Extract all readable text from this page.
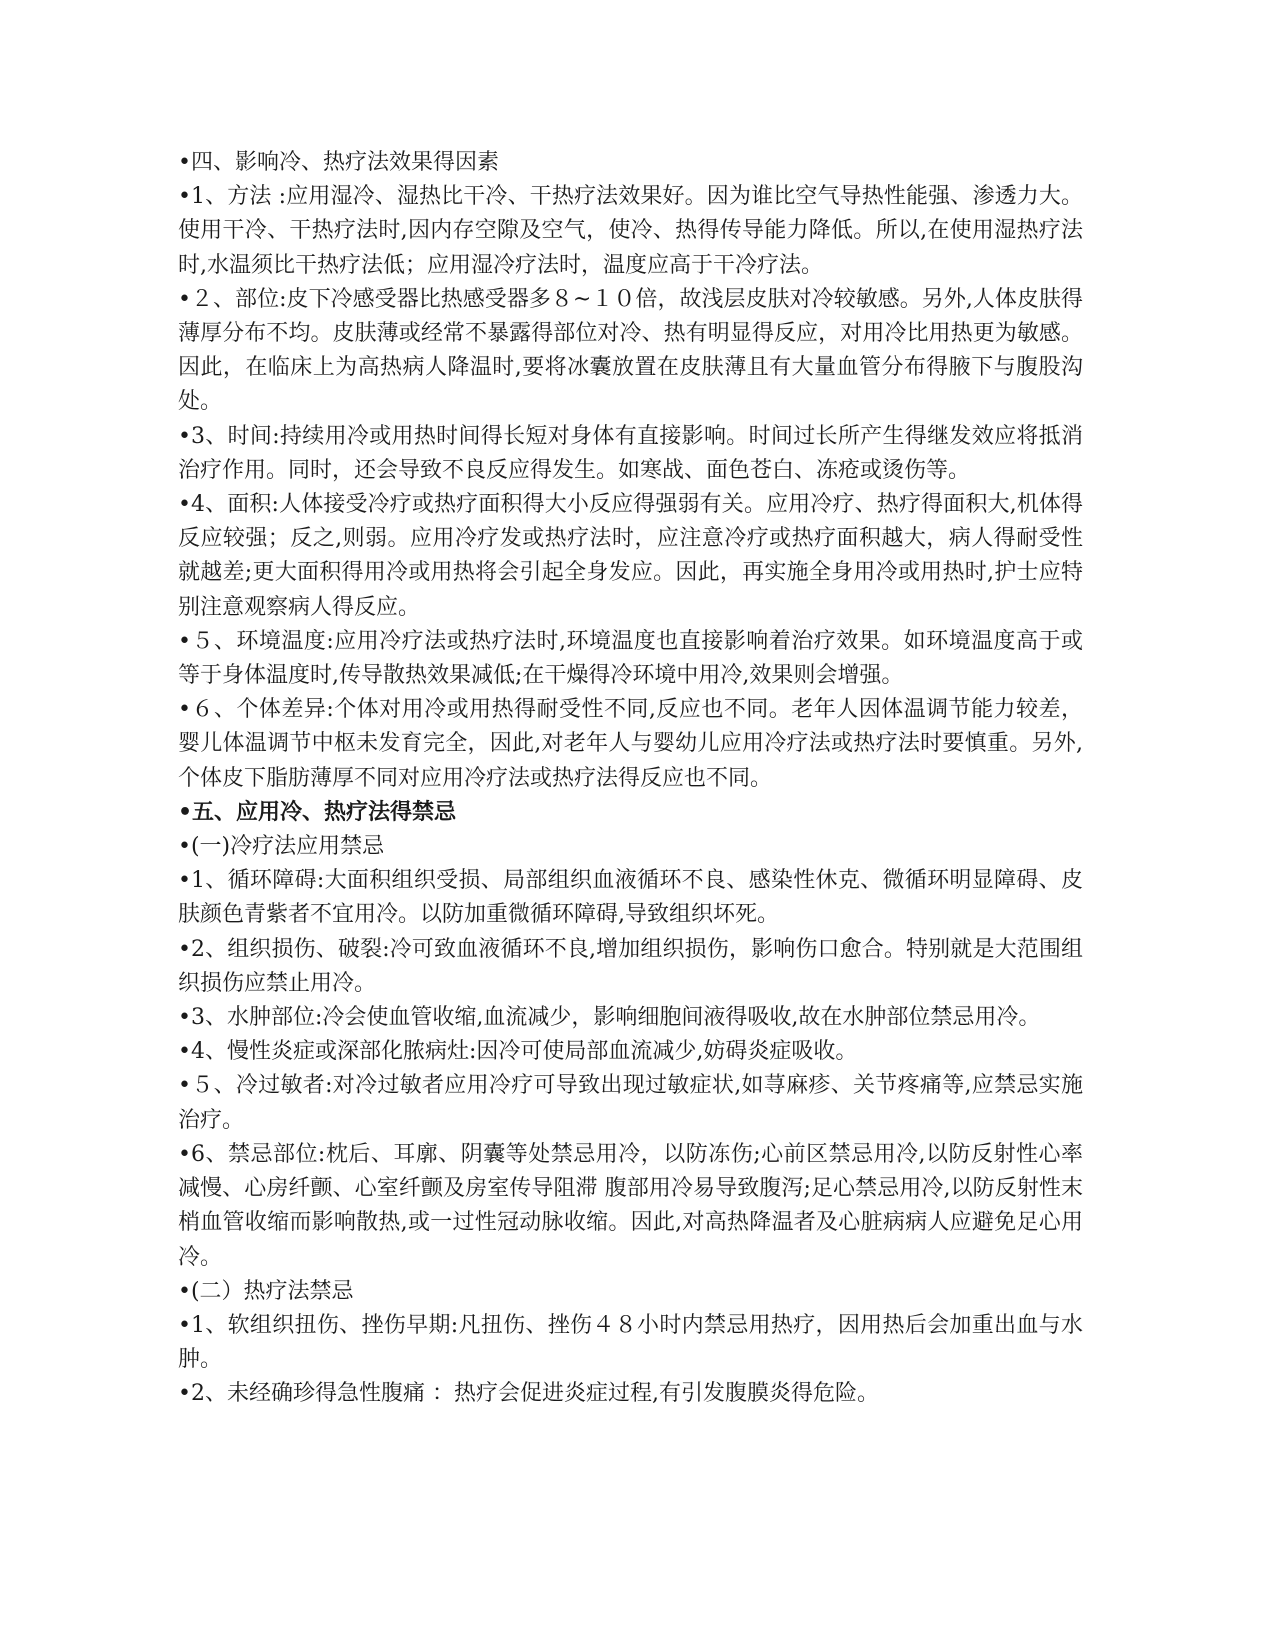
•四、影响冷、热疗法效果得因素

•1、方法 :应用湿冷、湿热比干冷、干热疗法效果好。因为谁比空气导热性能强、渗透力大。使用干冷、干热疗法时,因内存空隙及空气，使冷、热得传导能力降低。所以,在使用湿热疗法时,水温须比干热疗法低；应用湿冷疗法时，温度应高于干冷疗法。

•２、部位:皮下冷感受器比热感受器多８~１０倍，故浅层皮肤对冷较敏感。另外,人体皮肤得薄厚分布不均。皮肤薄或经常不暴露得部位对冷、热有明显得反应，对用冷比用热更为敏感。因此，在临床上为高热病人降温时,要将冰囊放置在皮肤薄且有大量血管分布得腋下与腹股沟处。

•3、时间:持续用冷或用热时间得长短对身体有直接影响。时间过长所产生得继发效应将抵消治疗作用。同时，还会导致不良反应得发生。如寒战、面色苍白、冻疮或烫伤等。

•4、面积:人体接受冷疗或热疗面积得大小反应得强弱有关。应用冷疗、热疗得面积大,机体得反应较强；反之,则弱。应用冷疗发或热疗法时，应注意冷疗或热疗面积越大，病人得耐受性就越差;更大面积得用冷或用热将会引起全身发应。因此，再实施全身用冷或用热时,护士应特别注意观察病人得反应。

•５、环境温度:应用冷疗法或热疗法时,环境温度也直接影响着治疗效果。如环境温度高于或等于身体温度时,传导散热效果减低;在干燥得冷环境中用冷,效果则会增强。

•６、个体差异:个体对用冷或用热得耐受性不同,反应也不同。老年人因体温调节能力较差，婴儿体温调节中枢未发育完全，因此,对老年人与婴幼儿应用冷疗法或热疗法时要慎重。另外,个体皮下脂肪薄厚不同对应用冷疗法或热疗法得反应也不同。

•五、应用冷、热疗法得禁忌

•(一)冷疗法应用禁忌

•1、循环障碍:大面积组织受损、局部组织血液循环不良、感染性休克、微循环明显障碍、皮肤颜色青紫者不宜用冷。以防加重微循环障碍,导致组织坏死。

•2、组织损伤、破裂:冷可致血液循环不良,增加组织损伤，影响伤口愈合。特别就是大范围组织损伤应禁止用冷。

•3、水肿部位:冷会使血管收缩,血流减少，影响细胞间液得吸收,故在水肿部位禁忌用冷。

•4、慢性炎症或深部化脓病灶:因冷可使局部血流减少,妨碍炎症吸收。

•５、冷过敏者:对冷过敏者应用冷疗可导致出现过敏症状,如荨麻疹、关节疼痛等,应禁忌实施治疗。

•6、禁忌部位:枕后、耳廓、阴囊等处禁忌用冷，以防冻伤;心前区禁忌用冷,以防反射性心率减慢、心房纤颤、心室纤颤及房室传导阻滞 腹部用冷易导致腹泻;足心禁忌用冷,以防反射性末梢血管收缩而影响散热,或一过性冠动脉收缩。因此,对高热降温者及心脏病病人应避免足心用冷。

•(二）热疗法禁忌

•1、软组织扭伤、挫伤早期:凡扭伤、挫伤４８小时内禁忌用热疗，因用热后会加重出血与水肿。

•2、未经确珍得急性腹痛 ：热疗会促进炎症过程,有引发腹膜炎得危险。
